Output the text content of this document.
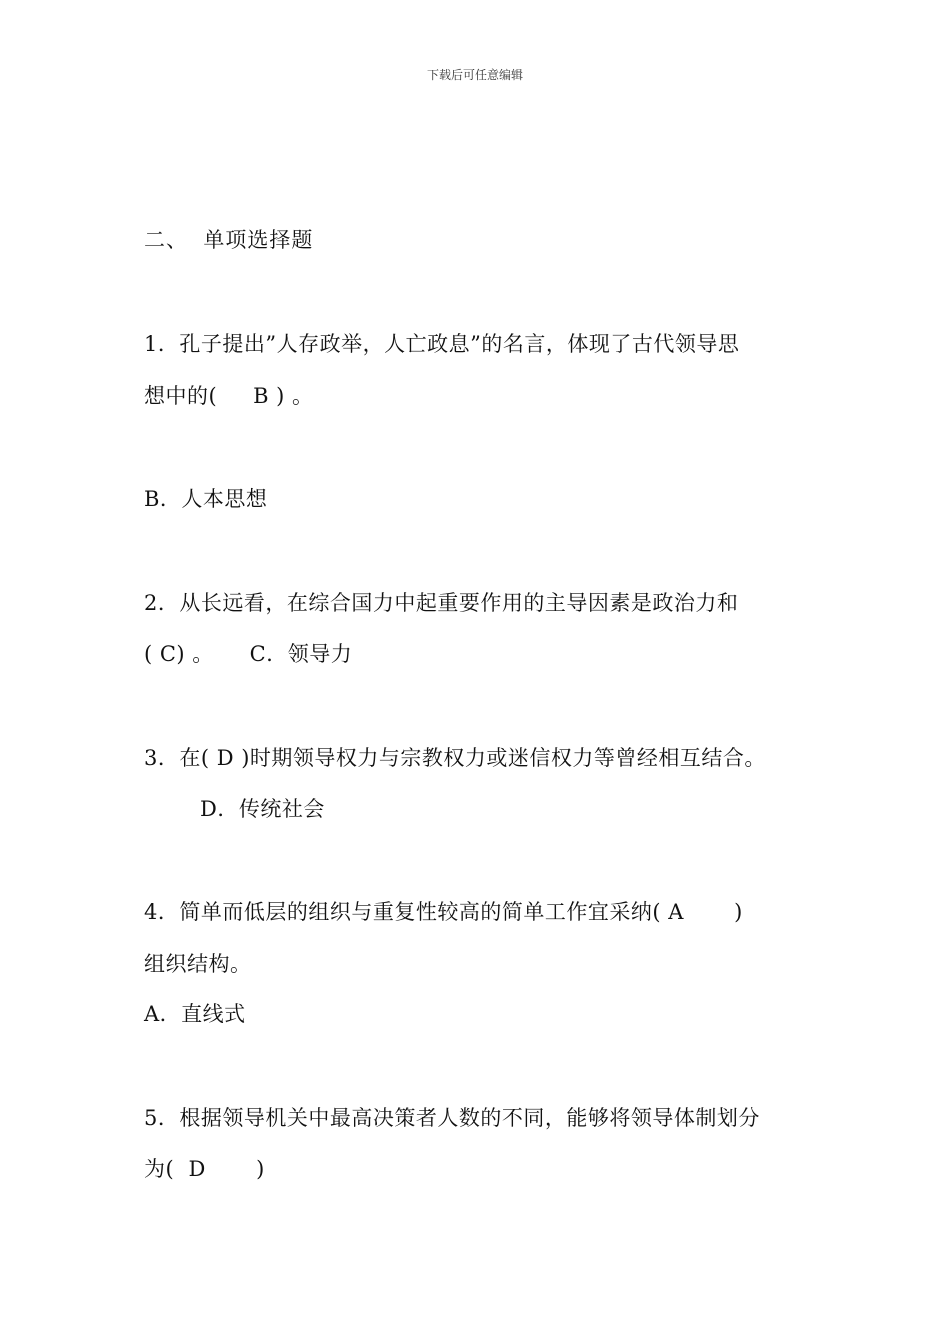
下载后可任意编辑
二、  单项选择题
1．孔子提出”人存政举，人亡政息”的名言，体现了古代领导思
想中的(     B ) 。
B．人本思想
2．从长远看，在综合国力中起重要作用的主导因素是政治力和
( C) 。     C．领导力
3．在( D )时期领导权力与宗教权力或迷信权力等曾经相互结合。
D．传统社会
4．简单而低层的组织与重复性较高的简单工作宜采纳( A       )
组织结构。
A．直线式
5．根据领导机关中最高决策者人数的不同，能够将领导体制划分
为(  D       )
